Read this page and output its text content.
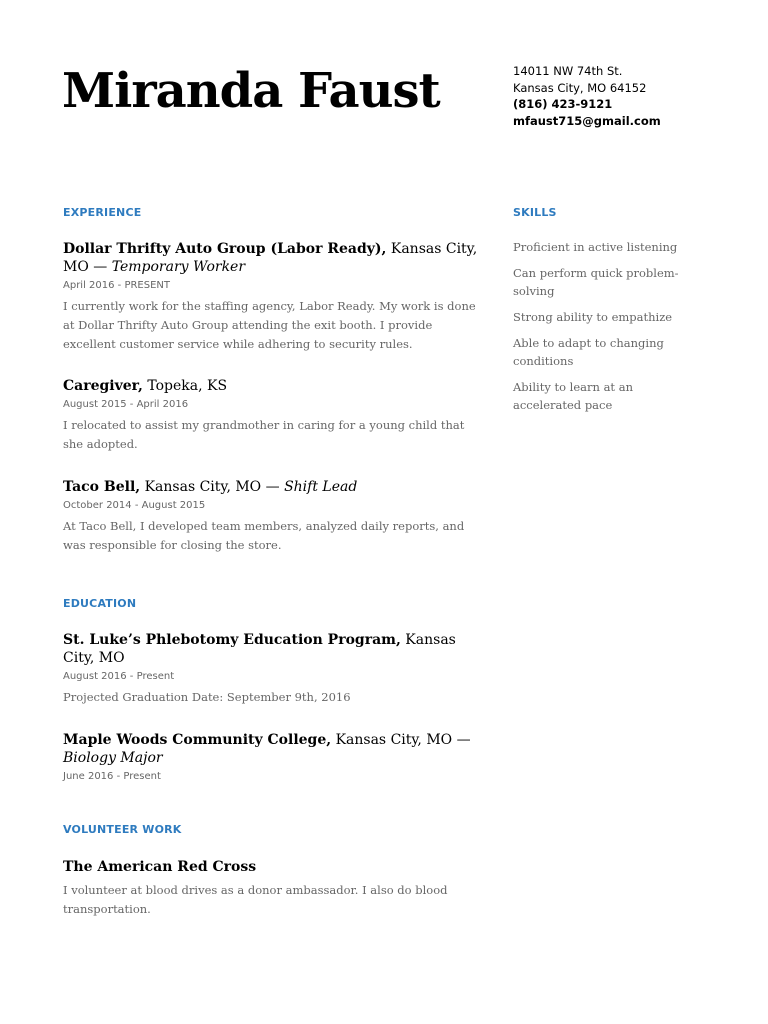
Miranda Faust	14011 NW 74th St.
Kansas City, MO 64152
(816) 423-9121
mfaust715@gmail.com
EXPERIENCE

Dollar Thrifty Auto Group (Labor Ready), Kansas City, MO — Temporary Worker

April 2016 - PRESENT
I currently work for the staffing agency, Labor Ready. My work is done at Dollar Thrifty Auto Group attending the exit booth. I provide excellent customer service while adhering to security rules.

Caregiver, Topeka, KS

August 2015 - April 2016
I relocated to assist my grandmother in caring for a young child that she adopted.

Taco Bell, Kansas City, MO — Shift Lead

October 2014 - August 2015
At Taco Bell, I developed team members, analyzed daily reports, and was responsible for closing the store.
EDUCATION

St. Luke’s Phlebotomy Education Program, Kansas City, MO

August 2016 - Present
Projected Graduation Date: September 9th, 2016

Maple Woods Community College, Kansas City, MO — Biology Major

June 2016 - Present
VOLUNTEER WORK

The American Red Cross

I volunteer at blood drives as a donor ambassador. I also do blood transportation.
SKILLS
Proficient in active listening
Can perform quick problem-solving
Strong ability to empathize
Able to adapt to changing conditions
Ability to learn at an accelerated pace
